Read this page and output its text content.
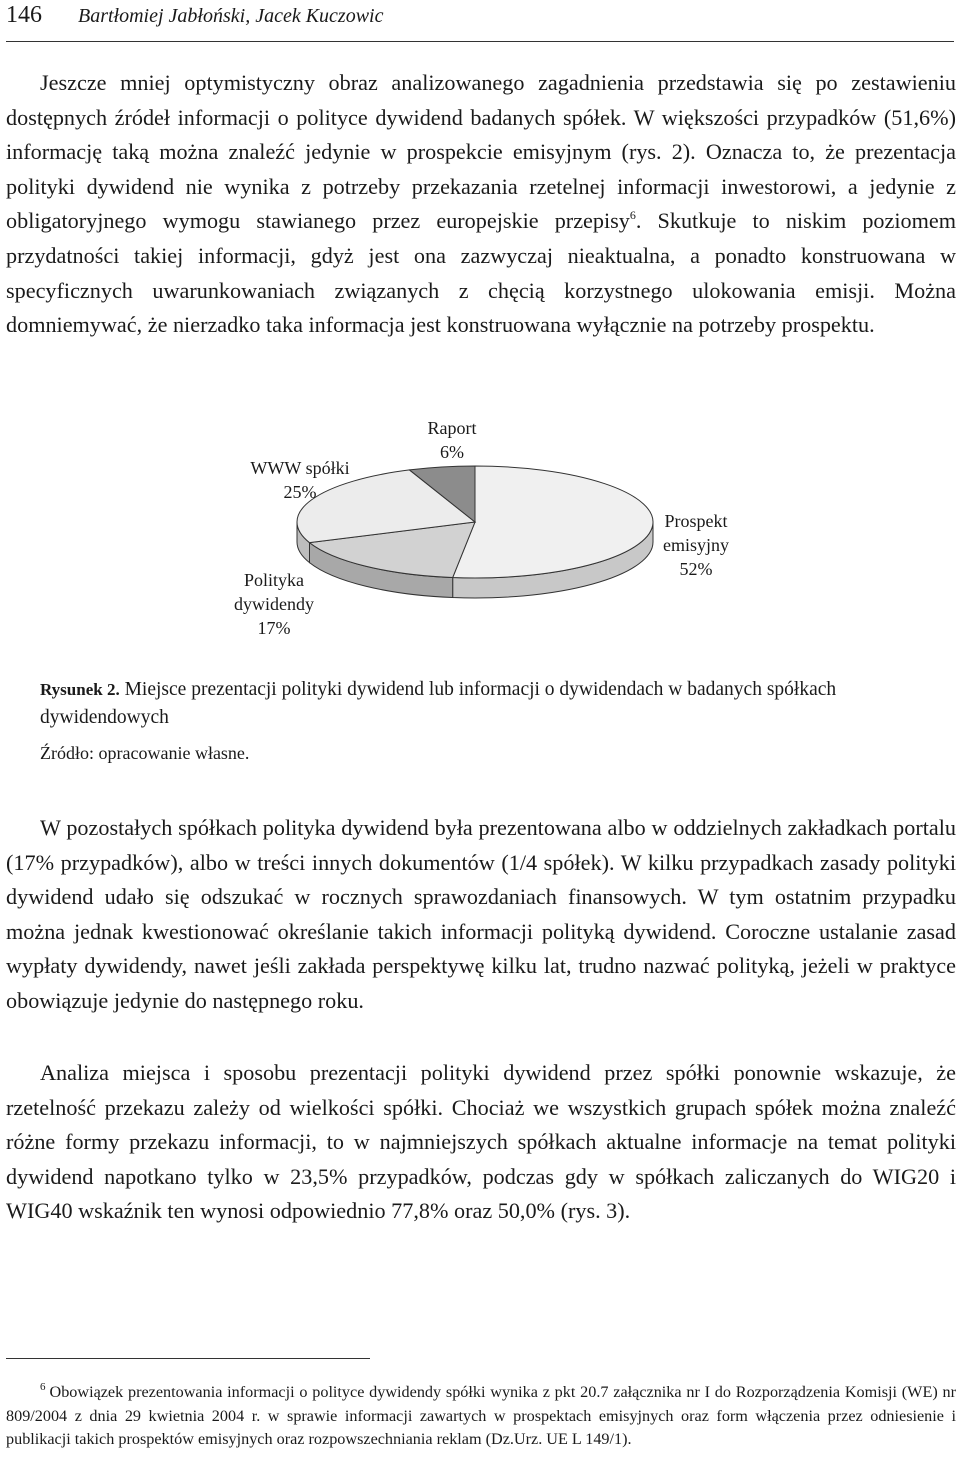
146 Bartłomiej Jabłoński, Jacek Kuczowic

Jeszcze mniej optymistyczny obraz analizowanego zagadnienia przedstawia się po zestawieniu dostępnych źródeł informacji o polityce dywidend badanych spółek. W większości przypadków (51,6%) informację taką można znaleźć jedynie w prospekcie emisyjnym (rys. 2). Oznacza to, że prezentacja polityki dywidend nie wynika z potrzeby przekazania rzetelnej informacji inwestorowi, a jedynie z obligatoryjnego wymogu stawianego przez europejskie przepisy$^6$. Skutkuje to niskim poziomem przydatności takiej informacji, gdyż jest ona zazwyczaj nieaktualna, a ponadto konstruowana w specyficznych uwarunkowaniach związanych z chęcią korzystnego ulokowania emisji. Można domniemywać, że nierzadko taka informacja jest konstruowana wyłącznie na potrzeby prospektu.

Prospekt emisyjny 52%
Polityka dywidendy 17%
WWW spółki 25%
Raport 6%

Rysunek 2. Miejsce prezentacji polityki dywidend lub informacji o dywidendach w badanych spółkach dywidendowych

Źródło: opracowanie własne.

W pozostałych spółkach polityka dywidend była prezentowana albo w oddzielnych zakładkach portalu (17% przypadków), albo w treści innych dokumentów (1/4 spółek). W kilku przypadkach zasady polityki dywidend udało się odszukać w rocznych sprawozdaniach finansowych. W tym ostatnim przypadku można jednak kwestionować określanie takich informacji polityką dywidend. Coroczne ustalanie zasad wypłaty dywidendy, nawet jeśli zakłada perspektywę kilku lat, trudno nazwać polityką, jeżeli w praktyce obowiązuje jedynie do następnego roku.

Analiza miejsca i sposobu prezentacji polityki dywidend przez spółki ponownie wskazuje, że rzetelność przekazu zależy od wielkości spółki. Chociaż we wszystkich grupach spółek można znaleźć różne formy przekazu informacji, to w najmniejszych spółkach aktualne informacje na temat polityki dywidend napotkano tylko w 23,5% przypadków, podczas gdy w spółkach zaliczanych do WIG20 i WIG40 wskaźnik ten wynosi odpowiednio 77,8% oraz 50,0% (rys. 3).

$^6$ Obowiązek prezentowania informacji o polityce dywidendy spółki wynika z pkt 20.7 załącznika nr I do Rozporządzenia Komisji (WE) nr 809/2004 z dnia 29 kwietnia 2004 r. w sprawie informacji zawartych w prospektach emisyjnych oraz form włączenia przez odniesienie i publikacji takich prospektów emisyjnych oraz rozpowszechniania reklam (Dz.Urz. UE L 149/1).
